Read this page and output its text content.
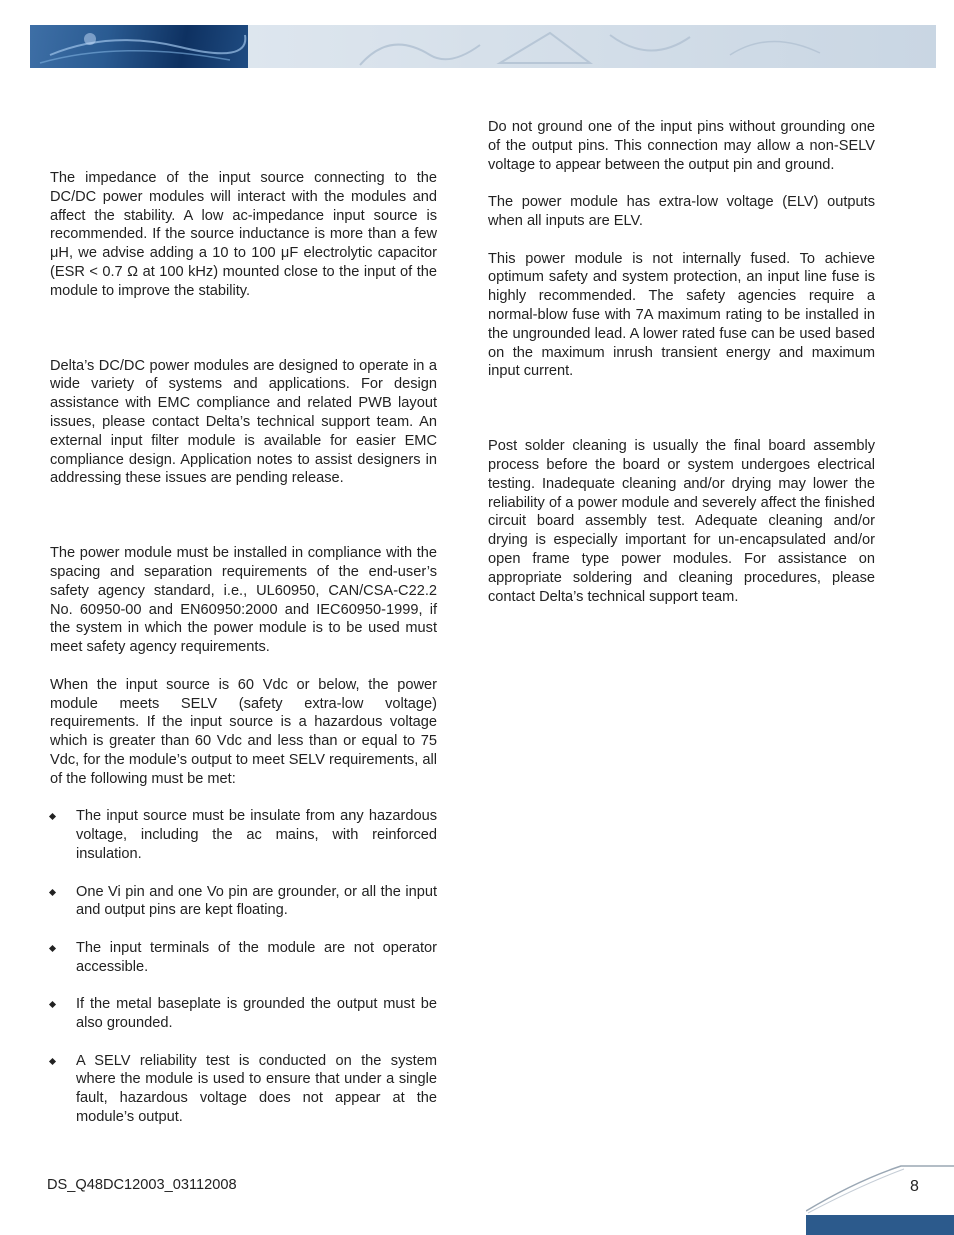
The impedance of the input source connecting to the DC/DC power modules will interact with the modules and affect the stability. A low ac-impedance input source is recommended. If the source inductance is more than a few μH, we advise adding a 10 to 100 μF electrolytic capacitor (ESR < 0.7 Ω at 100 kHz) mounted close to the input of the module to improve the stability.

Delta’s DC/DC power modules are designed to operate in a wide variety of systems and applications. For design assistance with EMC compliance and related PWB layout issues, please contact Delta’s technical support team. An external input filter module is available for easier EMC compliance design. Application notes to assist designers in addressing these issues are pending release.

The power module must be installed in compliance with the spacing and separation requirements of the end-user’s safety agency standard, i.e., UL60950, CAN/CSA-C22.2 No. 60950-00 and EN60950:2000 and IEC60950-1999, if the system in which the power module is to be used must meet safety agency requirements.

When the input source is 60 Vdc or below, the power module meets SELV (safety extra-low voltage) requirements. If the input source is a hazardous voltage which is greater than 60 Vdc and less than or equal to 75 Vdc, for the module’s output to meet SELV requirements, all of the following must be met:

The input source must be insulate from any hazardous voltage, including the ac mains, with reinforced insulation.
One Vi pin and one Vo pin are grounder, or all the input and output pins are kept floating.
The input terminals of the module are not operator accessible.
If the metal baseplate is grounded the output must be also grounded.
A SELV reliability test is conducted on the system where the module is used to ensure that under a single fault, hazardous voltage does not appear at the module’s output.

Do not ground one of the input pins without grounding one of the output pins. This connection may allow a non-SELV voltage to appear between the output pin and ground.

The power module has extra-low voltage (ELV) outputs when all inputs are ELV.

This power module is not internally fused. To achieve optimum safety and system protection, an input line fuse is highly recommended. The safety agencies require a normal-blow fuse with 7A maximum rating to be installed in the ungrounded lead. A lower rated fuse can be used based on the maximum inrush transient energy and maximum input current.

Post solder cleaning is usually the final board assembly process before the board or system undergoes electrical testing. Inadequate cleaning and/or drying may lower the reliability of a power module and severely affect the finished circuit board assembly test. Adequate cleaning and/or drying is especially important for un-encapsulated and/or open frame type power modules. For assistance on appropriate soldering and cleaning procedures, please contact Delta’s technical support team.

DS_Q48DC12003_03112008	8
